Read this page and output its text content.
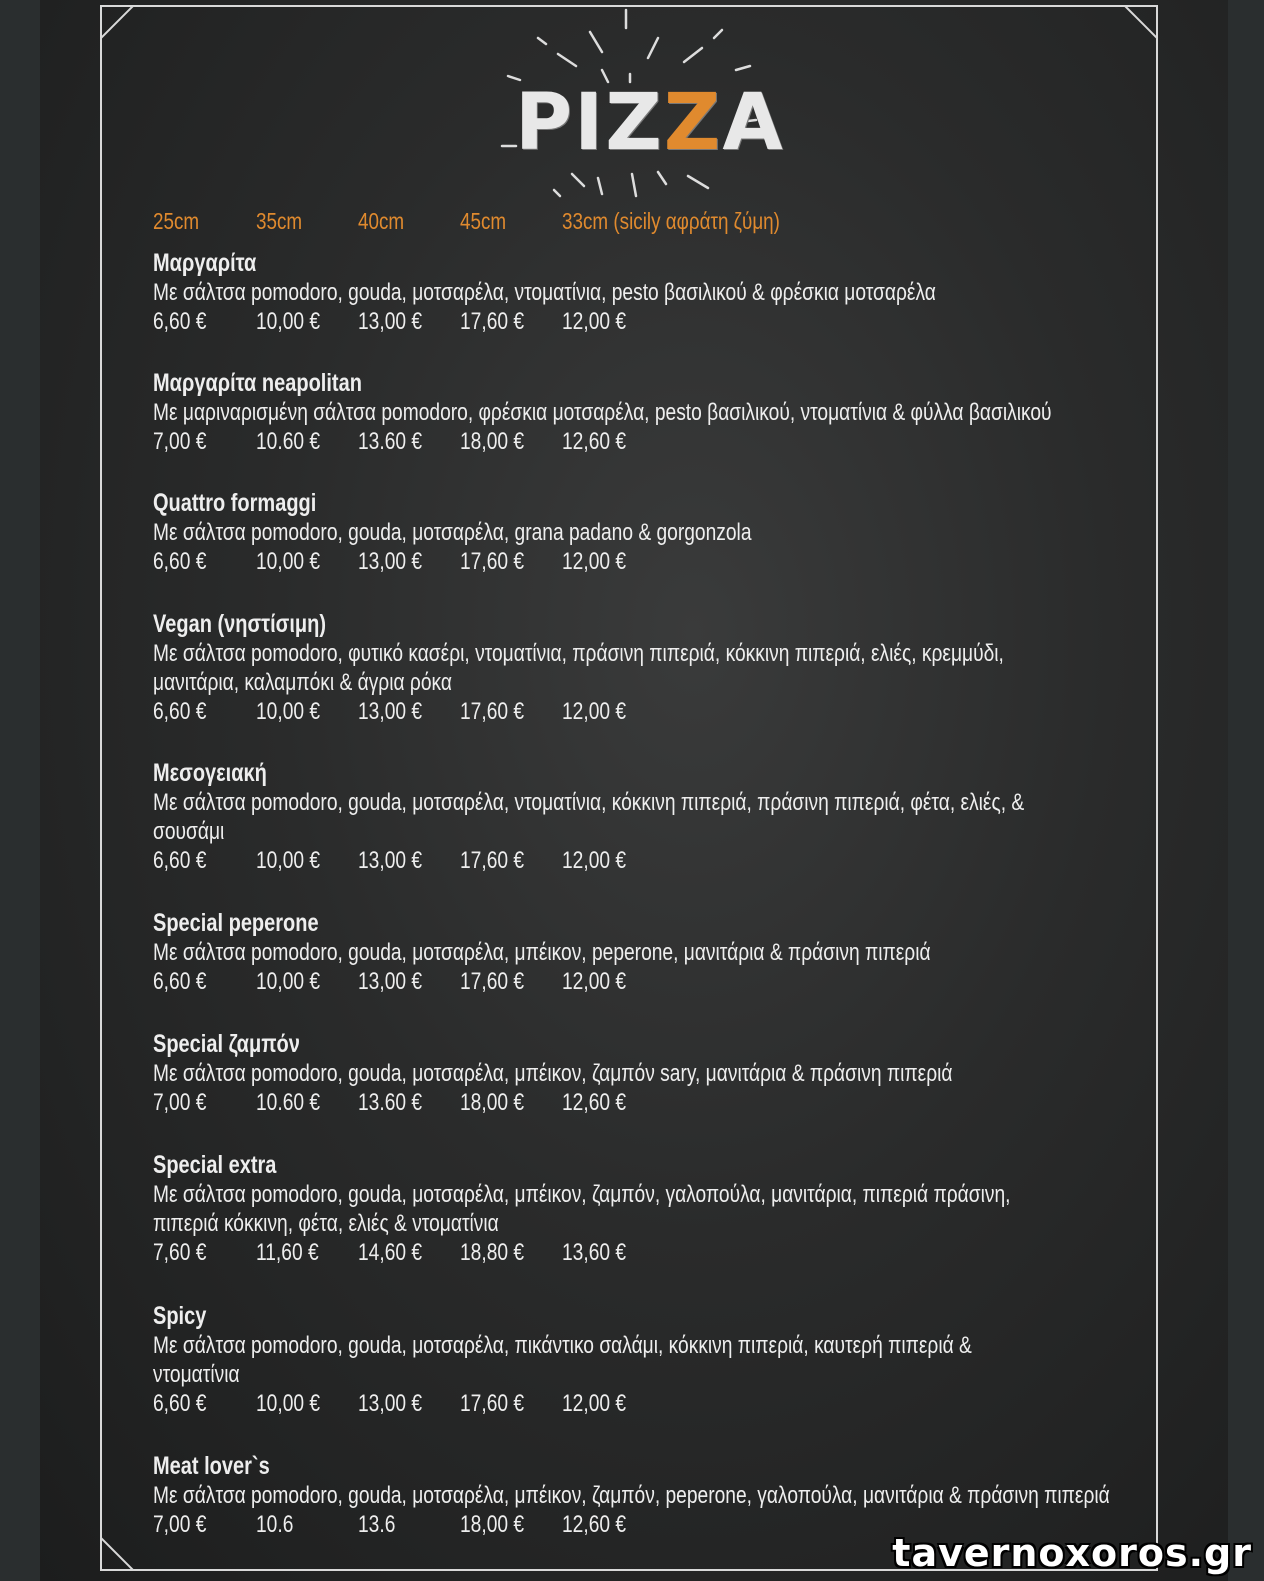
PIZZA
25cm 35cm 40cm 45cm 33cm (sicily αφράτη ζύμη)
Μαργαρίτα
Με σάλτσα pomodoro, gouda, μοτσαρέλα, ντοματίνια, pesto βασιλικού & φρέσκια μοτσαρέλα
6,60 € 10,00 € 13,00 € 17,60 € 12,00 €
Μαργαρίτα neapolitan
Με μαριναρισμένη σάλτσα pomodoro, φρέσκια μοτσαρέλα, pesto βασιλικού, ντοματίνια & φύλλα βασιλικού
7,00 € 10.60 € 13.60 € 18,00 € 12,60 €
Quattro formaggi
Με σάλτσα pomodoro, gouda, μοτσαρέλα, grana padano & gorgonzola
6,60 € 10,00 € 13,00 € 17,60 € 12,00 €
Vegan (νηστίσιμη)
Με σάλτσα pomodoro, φυτικό κασέρι, ντοματίνια, πράσινη πιπεριά, κόκκινη πιπεριά, ελιές, κρεμμύδι,
μανιτάρια, καλαμπόκι & άγρια ρόκα
6,60 € 10,00 € 13,00 € 17,60 € 12,00 €
Μεσογειακή
Με σάλτσα pomodoro, gouda, μοτσαρέλα, ντοματίνια, κόκκινη πιπεριά, πράσινη πιπεριά, φέτα, ελιές, &
σουσάμι
6,60 € 10,00 € 13,00 € 17,60 € 12,00 €
Special peperone
Με σάλτσα pomodoro, gouda, μοτσαρέλα, μπέικον, peperone, μανιτάρια & πράσινη πιπεριά
6,60 € 10,00 € 13,00 € 17,60 € 12,00 €
Special ζαμπόν
Με σάλτσα pomodoro, gouda, μοτσαρέλα, μπέικον, ζαμπόν sary, μανιτάρια & πράσινη πιπεριά
7,00 € 10.60 € 13.60 € 18,00 € 12,60 €
Special extra
Με σάλτσα pomodoro, gouda, μοτσαρέλα, μπέικον, ζαμπόν, γαλοπούλα, μανιτάρια, πιπεριά πράσινη,
πιπεριά κόκκινη, φέτα, ελιές & ντοματίνια
7,60 € 11,60 € 14,60 € 18,80 € 13,60 €
Spicy
Με σάλτσα pomodoro, gouda, μοτσαρέλα, πικάντικο σαλάμι, κόκκινη πιπεριά, καυτερή πιπεριά &
ντοματίνια
6,60 € 10,00 € 13,00 € 17,60 € 12,00 €
Meat lover`s
Με σάλτσα pomodoro, gouda, μοτσαρέλα, μπέικον, ζαμπόν, peperone, γαλοπούλα, μανιτάρια & πράσινη πιπεριά
7,00 € 10.6	13.6	18,00 € 12,60 €
tavernoxoros.gr
